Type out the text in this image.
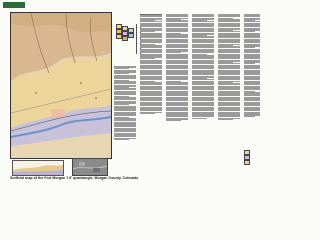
Surficial map of the Fort Morgan 7.5' quadrangle, Morgan County, Colorado
